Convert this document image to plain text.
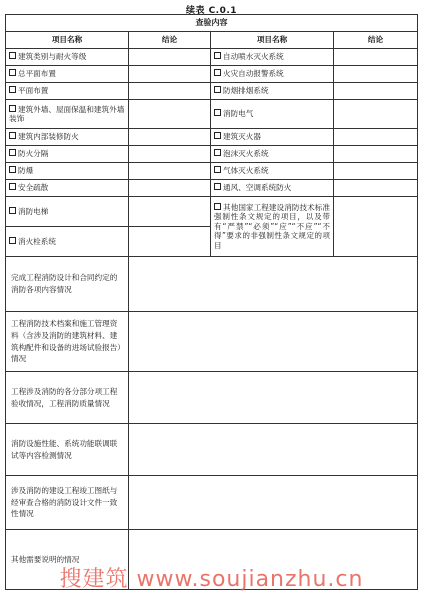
续表 C.0.1
查验内容			
项目名称	结论	项目名称	结论
建筑类别与耐火等级		自动喷水灭火系统	
总平面布置		火灾自动报警系统	
平面布置		防烟排烟系统	
建筑外墙、屋面保温和建筑外墙装饰		消防电气	
建筑内部装修防火		建筑灭火器	
防火分隔		泡沫灭火系统	
防爆		气体灭火系统	
安全疏散		通风、空调系统防火	
消防电梯		其他国家工程建设消防技术标准强制性条文规定的项目，以及带有“严禁”“必须”“应”“不应”“不得”要求的非强制性条文规定的项目	
消火栓系统			
完成工程消防设计和合同约定的消防各项内容情况			
工程消防技术档案和施工管理资料（含涉及消防的建筑材料、建筑构配件和设备的进场试验报告）情况			
工程涉及消防的各分部分项工程验收情况，工程消防质量情况			
消防设施性能、系统功能联调联试等内容检测情况			
涉及消防的建设工程竣工图纸与经审查合格的消防设计文件一致性情况			
其他需要说明的情况			
搜建筑 www.soujianzhu.cn
